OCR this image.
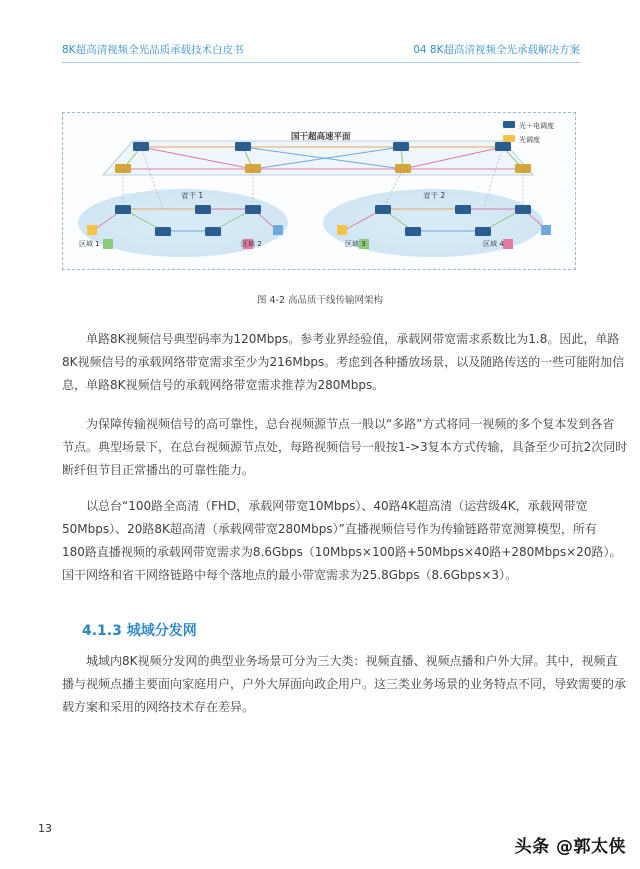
8K超高清视频全光品质承载技术白皮书	04 8K超高清视频全光承载解决方案
国干超高速平面
省干 1	省干 2
区域 1	区域 2	区域 3	区域 4
光＋电调度
光调度
图 4-2 高品质干线传输网架构

单路8K视频信号典型码率为120Mbps。参考业界经验值，承载网带宽需求系数比为1.8。因此，单路
8K视频信号的承载网络带宽需求至少为216Mbps。考虑到各种播放场景，以及随路传送的一些可能附加信
息，单路8K视频信号的承载网络带宽需求推荐为280Mbps。

为保障传输视频信号的高可靠性，总台视频源节点一般以“多路”方式将同一视频的多个复本发到各省
节点。典型场景下，在总台视频源节点处，每路视频信号一般按1->3复本方式传输，具备至少可抗2次同时
断纤但节目正常播出的可靠性能力。

以总台“100路全高清（FHD，承载网带宽10Mbps）、40路4K超高清（运营级4K，承载网带宽
50Mbps）、20路8K超高清（承载网带宽280Mbps）”直播视频信号作为传输链路带宽测算模型，所有
180路直播视频的承载网带宽需求为8.6Gbps（10Mbps×100路+50Mbps×40路+280Mbps×20路）。
国干网络和省干网络链路中每个落地点的最小带宽需求为25.8Gbps（8.6Gbps×3）。

4.1.3 城域分发网

城域内8K视频分发网的典型业务场景可分为三大类：视频直播、视频点播和户外大屏。其中，视频直
播与视频点播主要面向家庭用户，户外大屏面向政企用户。这三类业务场景的业务特点不同，导致需要的承
载方案和采用的网络技术存在差异。

13
头条 @郭太侠
